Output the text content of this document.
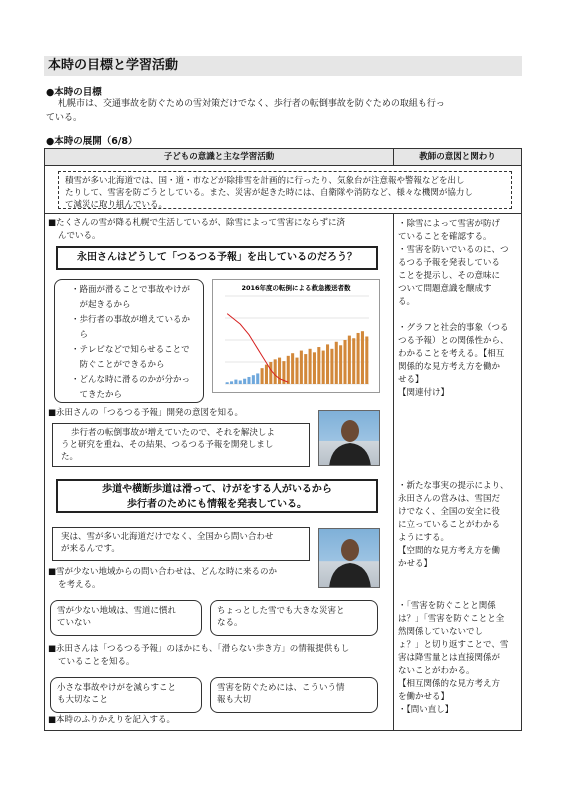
本時の目標と学習活動
●本時の目標
札幌市は、交通事故を防ぐための雪対策だけでなく、歩行者の転倒事故を防ぐための取組も行っ
ている。
●本時の展開（6/8）
子どもの意識と主な学習活動	教師の意図と関わり
積雪が多い北海道では、国・道・市などが除排雪を計画的に行ったり、気象台が注意報や警報などを出し
たりして、雪害を防ごうとしている。また、災害が起きた時には、自衛隊や消防など、様々な機関が協力し
て減災に取り組んでいる。
■たくさんの雪が降る札幌で生活しているが、除雪によって雪害にならずに済
んでいる。
永田さんはどうして「つるつる予報」を出しているのだろう？
・路面が滑ることで事故やけが
　が起きるから
・歩行者の事故が増えているか
　ら
・テレビなどで知らせることで
　防ぐことができるから
・どんな時に滑るのかが分かっ
　てきたから
2016年度の転倒による救急搬送者数
■永田さんの「つるつる予報」開発の意図を知る。
歩行者の転倒事故が増えていたので、それを解決しよ
うと研究を重ね、その結果、つるつる予報を開発しまし
た。
歩道や横断歩道は滑って、けがをする人がいるから
歩行者のためにも情報を発表している。
実は、雪が多い北海道だけでなく、全国から問い合わせ
が来るんです。
■雪が少ない地域からの問い合わせは、どんな時に来るのか
を考える。
雪が少ない地域は、雪道に慣れ
ていない
ちょっとした雪でも大きな災害と
なる。
■永田さんは「つるつる予報」のほかにも、「滑らない歩き方」の情報提供もし
ていることを知る。
小さな事故やけがを減らすこと
も大切なこと
雪害を防ぐためには、こういう情
報も大切
■本時のふりかえりを記入する。
・除雪によって雪害が防げ
ていることを確認する。
・雪害を防いでいるのに、つ
るつる予報を発表している
ことを提示し、その意味に
ついて問題意識を醸成す
る。
・グラフと社会的事象（つる
つる予報）との関係性から、
わかることを考える。【相互
関係的な見方考え方を働か
せる】
【関連付け】
・新たな事実の提示により、
永田さんの営みは、雪国だ
けでなく、全国の安全に役
に立っていることがわかる
ようにする。
【空間的な見方考え方を働
かせる】
・「雪害を防ぐことと関係
は？」「雪害を防ぐことと全
然関係していないでし
ょ？」と切り返すことで、雪
害は降雪量とは直接関係が
ないことがわかる。
【相互関係的な見方考え方
を働かせる】
・【問い直し】
